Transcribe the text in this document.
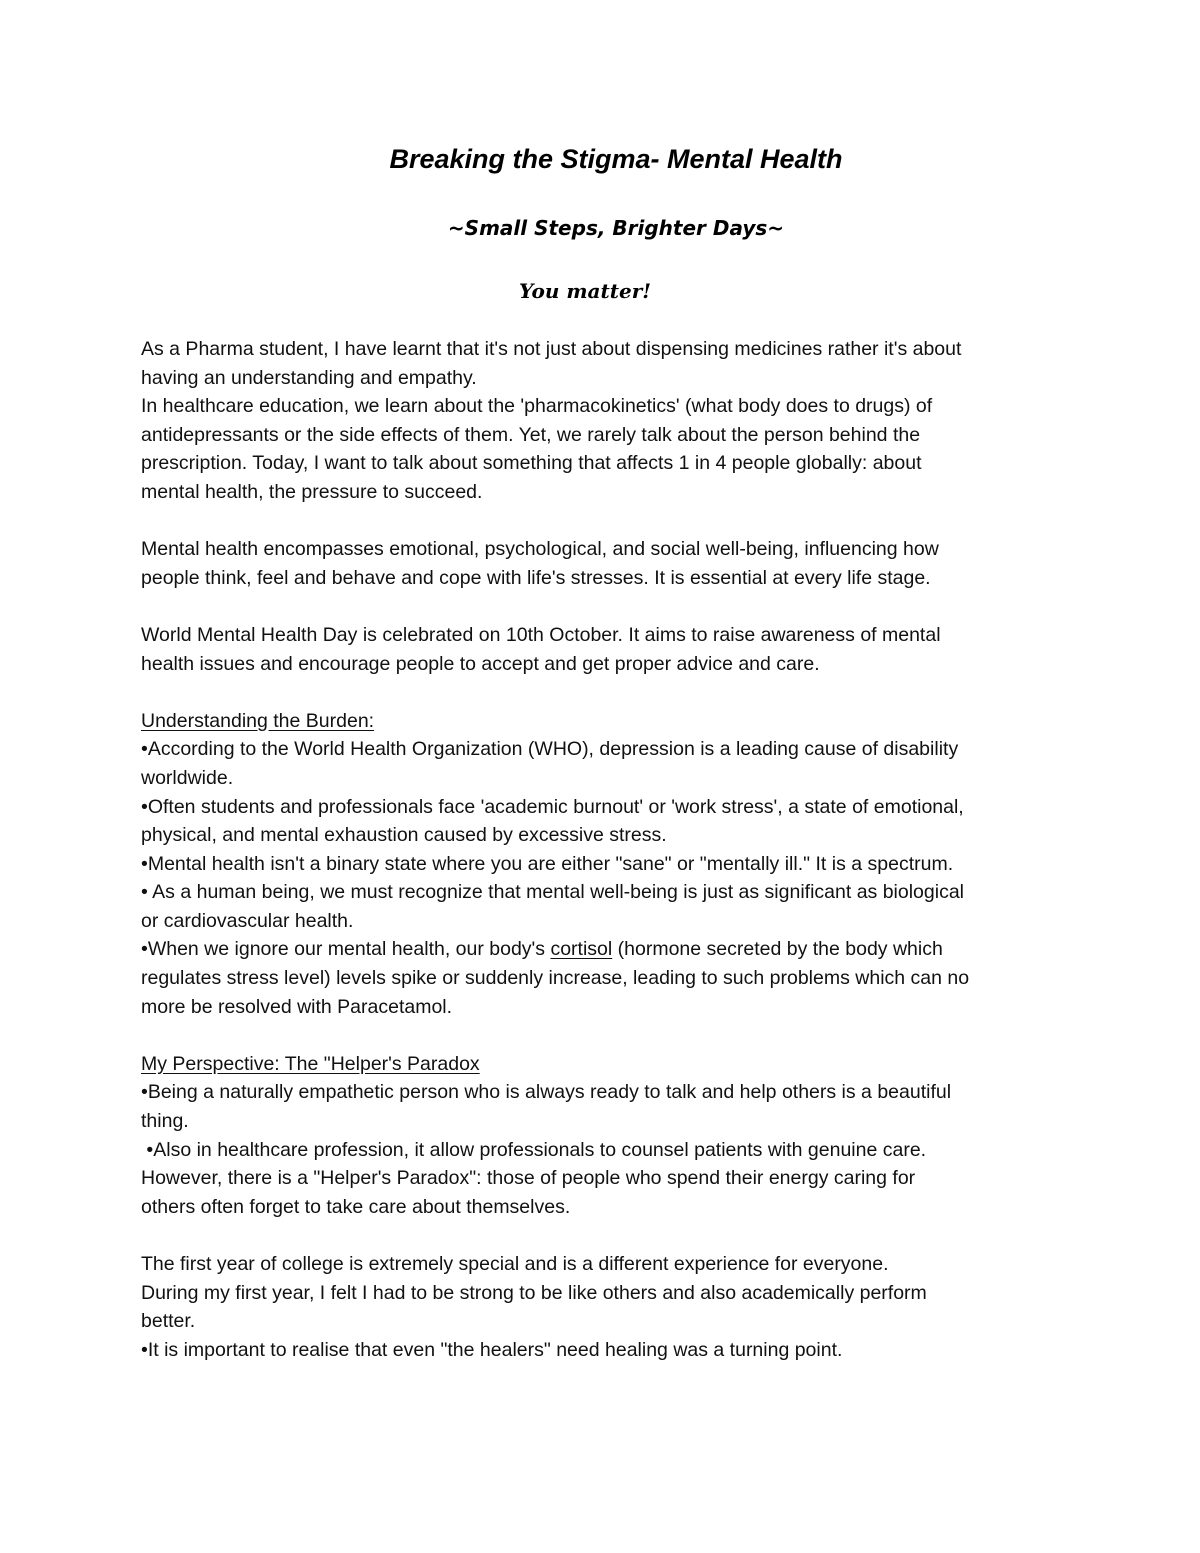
Breaking the Stigma- Mental Health
~Small Steps, Brighter Days~
You matter!
As a Pharma student, I have learnt that it's not just about dispensing medicines rather it's about
having an understanding and empathy.
In healthcare education, we learn about the 'pharmacokinetics' (what body does to drugs) of
antidepressants or the side effects of them. Yet, we rarely talk about the person behind the
prescription. Today, I want to talk about something that affects 1 in 4 people globally: about
mental health, the pressure to succeed.
Mental health encompasses emotional, psychological, and social well-being, influencing how
people think, feel and behave and cope with life's stresses. It is essential at every life stage.
World Mental Health Day is celebrated on 10th October. It aims to raise awareness of mental
health issues and encourage people to accept and get proper advice and care.
Understanding the Burden:
•According to the World Health Organization (WHO), depression is a leading cause of disability
worldwide.
•Often students and professionals face 'academic burnout' or 'work stress', a state of emotional,
physical, and mental exhaustion caused by excessive stress.
•Mental health isn't a binary state where you are either "sane" or "mentally ill." It is a spectrum.
• As a human being, we must recognize that mental well-being is just as significant as biological
or cardiovascular health.
•When we ignore our mental health, our body's cortisol (hormone secreted by the body which
regulates stress level) levels spike or suddenly increase, leading to such problems which can no
more be resolved with Paracetamol.
My Perspective: The "Helper's Paradox
•Being a naturally empathetic person who is always ready to talk and help others is a beautiful
thing.
•Also in healthcare profession, it allow professionals to counsel patients with genuine care.
However, there is a "Helper's Paradox": those of people who spend their energy caring for
others often forget to take care about themselves.
The first year of college is extremely special and is a different experience for everyone.
During my first year, I felt I had to be strong to be like others and also academically perform
better.
•It is important to realise that even "the healers" need healing was a turning point.
